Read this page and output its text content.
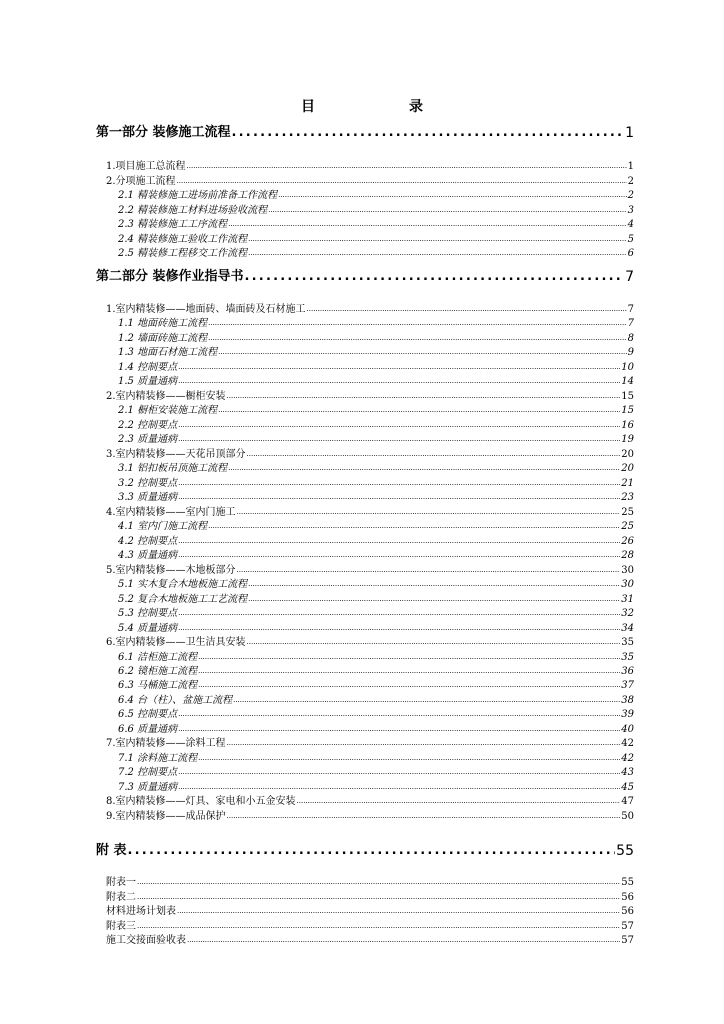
目　　录
第一部分 装修施工流程 .....	1
1.项目施工总流程 .....	1
2.分项施工流程 .....	2
2.1 精装修施工进场前准备工作流程 .....	2
2.2 精装修施工材料进场验收流程 .....	3
2.3 精装修施工工序流程 .....	4
2.4 精装修施工验收工作流程 .....	5
2.5 精装修工程移交工作流程 .....	6
第二部分 装修作业指导书 .....	7
1.室内精装修——地面砖、墙面砖及石材施工 .....	7
1.1 地面砖施工流程 .....	7
1.2 墙面砖施工流程 .....	8
1.3 地面石材施工流程 .....	9
1.4 控制要点 .....	10
1.5 质量通病 .....	14
2.室内精装修——橱柜安装 .....	15
2.1 橱柜安装施工流程 .....	15
2.2 控制要点 .....	16
2.3 质量通病 .....	19
3.室内精装修——天花吊顶部分 .....	20
3.1 铝扣板吊顶施工流程 .....	20
3.2 控制要点 .....	21
3.3 质量通病 .....	23
4.室内精装修——室内门施工 .....	25
4.1 室内门施工流程 .....	25
4.2 控制要点 .....	26
4.3 质量通病 .....	28
5.室内精装修——木地板部分 .....	30
5.1 实木复合木地板施工流程 .....	30
5.2 复合木地板施工工艺流程 .....	31
5.3 控制要点 .....	32
5.4 质量通病 .....	34
6.室内精装修——卫生洁具安装 .....	35
6.1 洁柜施工流程 .....	35
6.2 镜柜施工流程 .....	36
6.3 马桶施工流程 .....	37
6.4 台（柱）、盆施工流程 .....	38
6.5 控制要点 .....	39
6.6 质量通病 .....	40
7.室内精装修——涂料工程 .....	42
7.1 涂料施工流程 .....	42
7.2 控制要点 .....	43
7.3 质量通病 .....	45
8.室内精装修——灯具、家电和小五金安装 .....	47
9.室内精装修——成品保护 .....	50
附 表 .....	55
附表一 .....	55
附表二 .....	56
材料进场计划表 .....	56
附表三 .....	57
施工交接面验收表 .....	57
